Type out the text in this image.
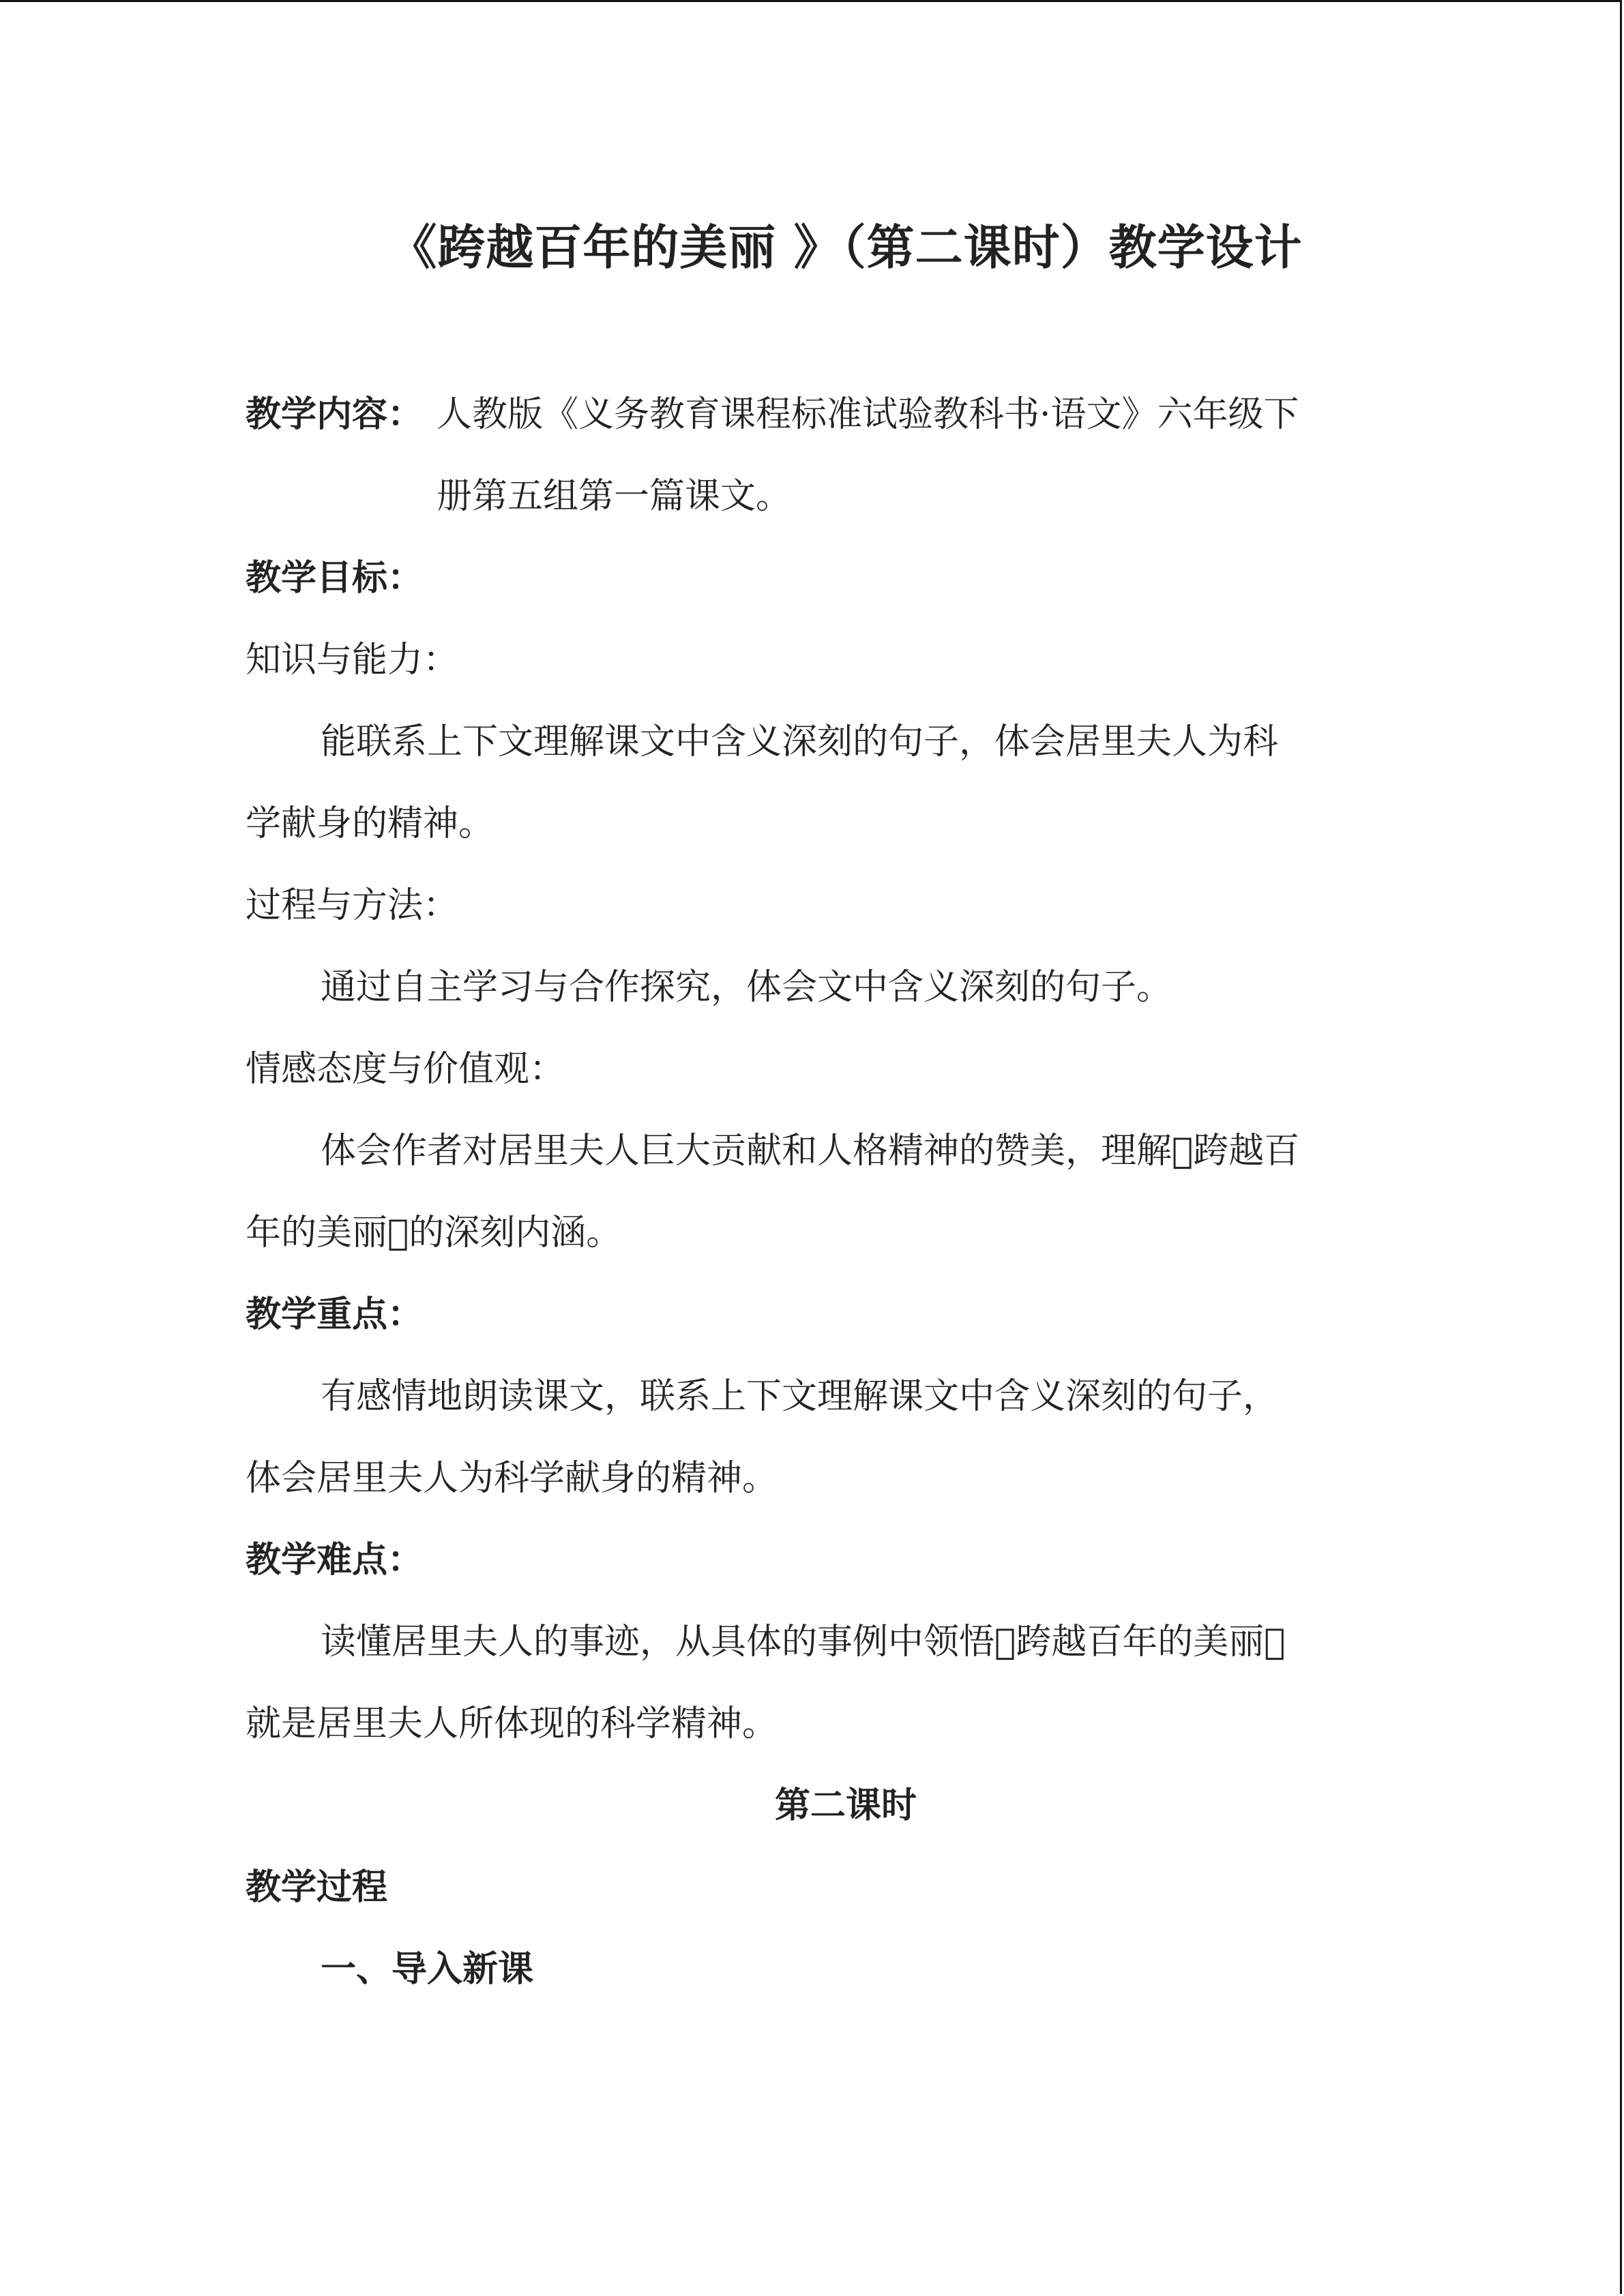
《跨越百年的美丽 》（第二课时）教学设计
教学内容： 人教版《义务教育课程标准试验教科书·语文》六年级下
册第五组第一篇课文。
教学目标：
知识与能力：
能联系上下文理解课文中含义深刻的句子，体会居里夫人为科
学献身的精神。
过程与方法：
通过自主学习与合作探究，体会文中含义深刻的句子。
情感态度与价值观：
体会作者对居里夫人巨大贡献和人格精神的赞美，理解 跨越百
年的美丽 的深刻内涵。
教学重点：
有感情地朗读课文，联系上下文理解课文中含义深刻的句子，
体会居里夫人为科学献身的精神。
教学难点：
读懂居里夫人的事迹，从具体的事例中领悟 跨越百年的美丽 
就是居里夫人所体现的科学精神。
第二课时
教学过程
一、导入新课
